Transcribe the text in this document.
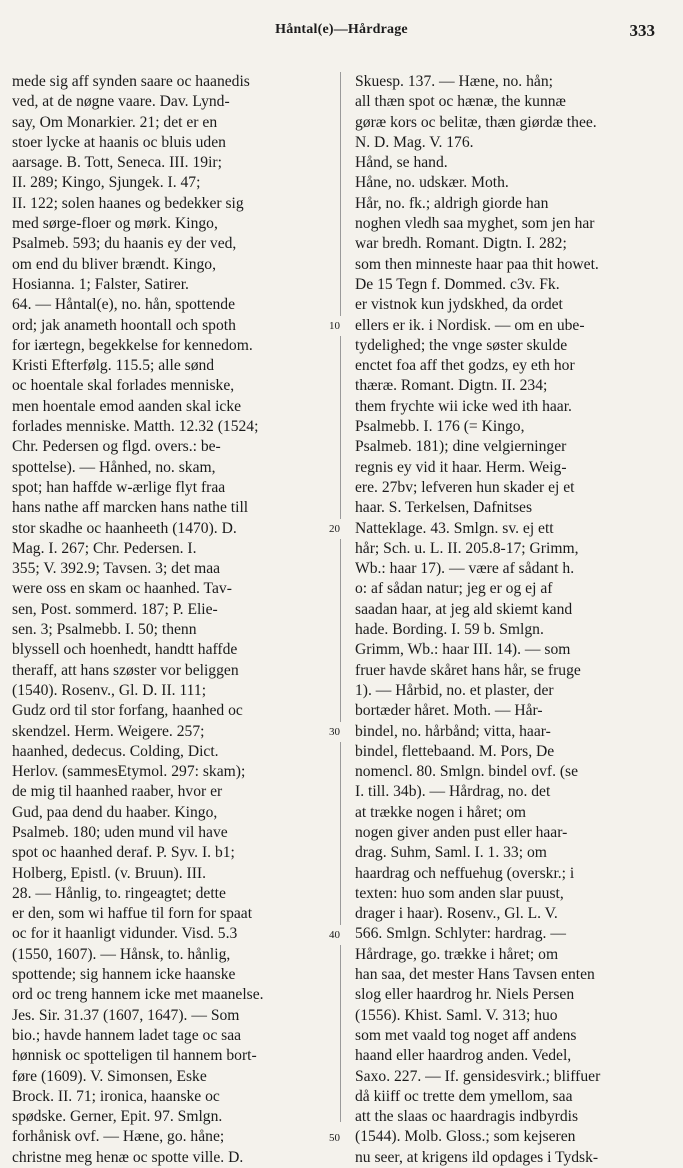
Håntal(e)—Hårdrage	333
mede sig aff synden saare oc haanedis
ved, at de nøgne vaare. Dav. Lynd-
say, Om Monarkier. 21; det er en
stoer lycke at haanis oc bluis uden
aarsage. B. Tott, Seneca. III. 19ir;
II. 289; Kingo, Sjungek. I. 47;
II. 122; solen haanes og bedekker sig
med sørge-floer og mørk. Kingo,
Psalmeb. 593; du haanis ey der ved,
om end du bliver brændt. Kingo,
Hosianna. 1; Falster, Satirer.
64. — Håntal(e), no. hån, spottende
ord; jak anameth hoontall och spoth
for iærtegn, begekkelse for kennedom.
Kristi Efterfølg. 115.5; alle sønd
oc hoentale skal forlades menniske,
men hoentale emod aanden skal icke
forlades menniske. Matth. 12.32 (1524;
Chr. Pedersen og flgd. overs.: be-
spottelse). — Hånhed, no. skam,
spot; han haffde w-ærlige flyt fraa
hans nathe aff marcken hans nathe till
stor skadhe oc haanheeth (1470). D.
Mag. I. 267; Chr. Pedersen. I.
355; V. 392.9; Tavsen. 3; det maa
were oss en skam oc haanhed. Tav-
sen, Post. sommerd. 187; P. Elie-
sen. 3; Psalmebb. I. 50; thenn
blyssell och hoenhedt, handtt haffde
theraff, att hans szøster vor beliggen
(1540). Rosenv., Gl. D. II. 111;
Gudz ord til stor forfang, haanhed oc
skendzel. Herm. Weigere. 257;
haanhed, dedecus. Colding, Dict.
Herlov. (sammesEtymol. 297: skam);
de mig til haanhed raaber, hvor er
Gud, paa dend du haaber. Kingo,
Psalmeb. 180; uden mund vil have
spot oc haanhed deraf. P. Syv. I. b1;
Holberg, Epistl. (v. Bruun). III.
28. — Hånlig, to. ringeagtet; dette
er den, som wi haffue til forn for spaat
oc for it haanligt vidunder. Visd. 5.3
(1550, 1607). — Hånsk, to. hånlig,
spottende; sig hannem icke haanske
ord oc treng hannem icke met maanelse.
Jes. Sir. 31.37 (1607, 1647). — Som
bio.; havde hannem ladet tage oc saa
hønnisk oc spotteligen til hannem bort-
føre (1609). V. Simonsen, Eske
Brock. II. 71; ironica, haanske oc
spødske. Gerner, Epit. 97. Smlgn.
forhånisk ovf. — Hæne, go. håne;
christne meg henæ oc spotte ville. D.
Skuesp. 137. — Hæne, no. hån;
all thæn spot oc hænæ, the kunnæ
gøræ kors oc belitæ, thæn giørdæ thee.
N. D. Mag. V. 176.
Hånd, se hand.
Håne, no. udskær. Moth.
Hår, no. fk.; aldrigh giorde han
noghen vledh saa myghet, som jen har
war bredh. Romant. Digtn. I. 282;
som then minneste haar paa thit howet.
De 15 Tegn f. Dommed. c3v. Fk.
er vistnok kun jydskhed, da ordet
ellers er ik. i Nordisk. — om en ube-
tydelighed; the vnge søster skulde
enctet foa aff thet godzs, ey eth hor
thæræ. Romant. Digtn. II. 234;
them frychte wii icke wed ith haar.
Psalmebb. I. 176 (= Kingo,
Psalmeb. 181); dine velgierninger
regnis ey vid it haar. Herm. Weig-
ere. 27bv; lefveren hun skader ej et
haar. S. Terkelsen, Dafnitses
Natteklage. 43. Smlgn. sv. ej ett
hår; Sch. u. L. II. 205.8-17; Grimm,
Wb.: haar 17). — være af sådant h.
o: af sådan natur; jeg er og ej af
saadan haar, at jeg ald skiemt kand
hade. Bording. I. 59 b. Smlgn.
Grimm, Wb.: haar III. 14). — som
fruer havde skåret hans hår, se fruge
1). — Hårbid, no. et plaster, der
bortæder håret. Moth. — Hår-
bindel, no. hårbånd; vitta, haar-
bindel, flettebaand. M. Pors, De
nomencl. 80. Smlgn. bindel ovf. (se
I. till. 34b). — Hårdrag, no. det
at trække nogen i håret; om
nogen giver anden pust eller haar-
drag. Suhm, Saml. I. 1. 33; om
haardrag och neffuehug (overskr.; i
texten: huo som anden slar puust,
drager i haar). Rosenv., Gl. L. V.
566. Smlgn. Schlyter: hardrag. —
Hårdrage, go. trække i håret; om
han saa, det mester Hans Tavsen enten
slog eller haardrog hr. Niels Persen
(1556). Khist. Saml. V. 313; huo
som met vaald tog noget aff andens
haand eller haardrog anden. Vedel,
Saxo. 227. — If. gensidesvirk.; bliffuer
då kiiff oc trette dem ymellom, saa
att the slaas oc haardragis indbyrdis
(1544). Molb. Gloss.; som kejseren
nu seer, at krigens ild opdages i Tydsk-
10
20
30
40
50
